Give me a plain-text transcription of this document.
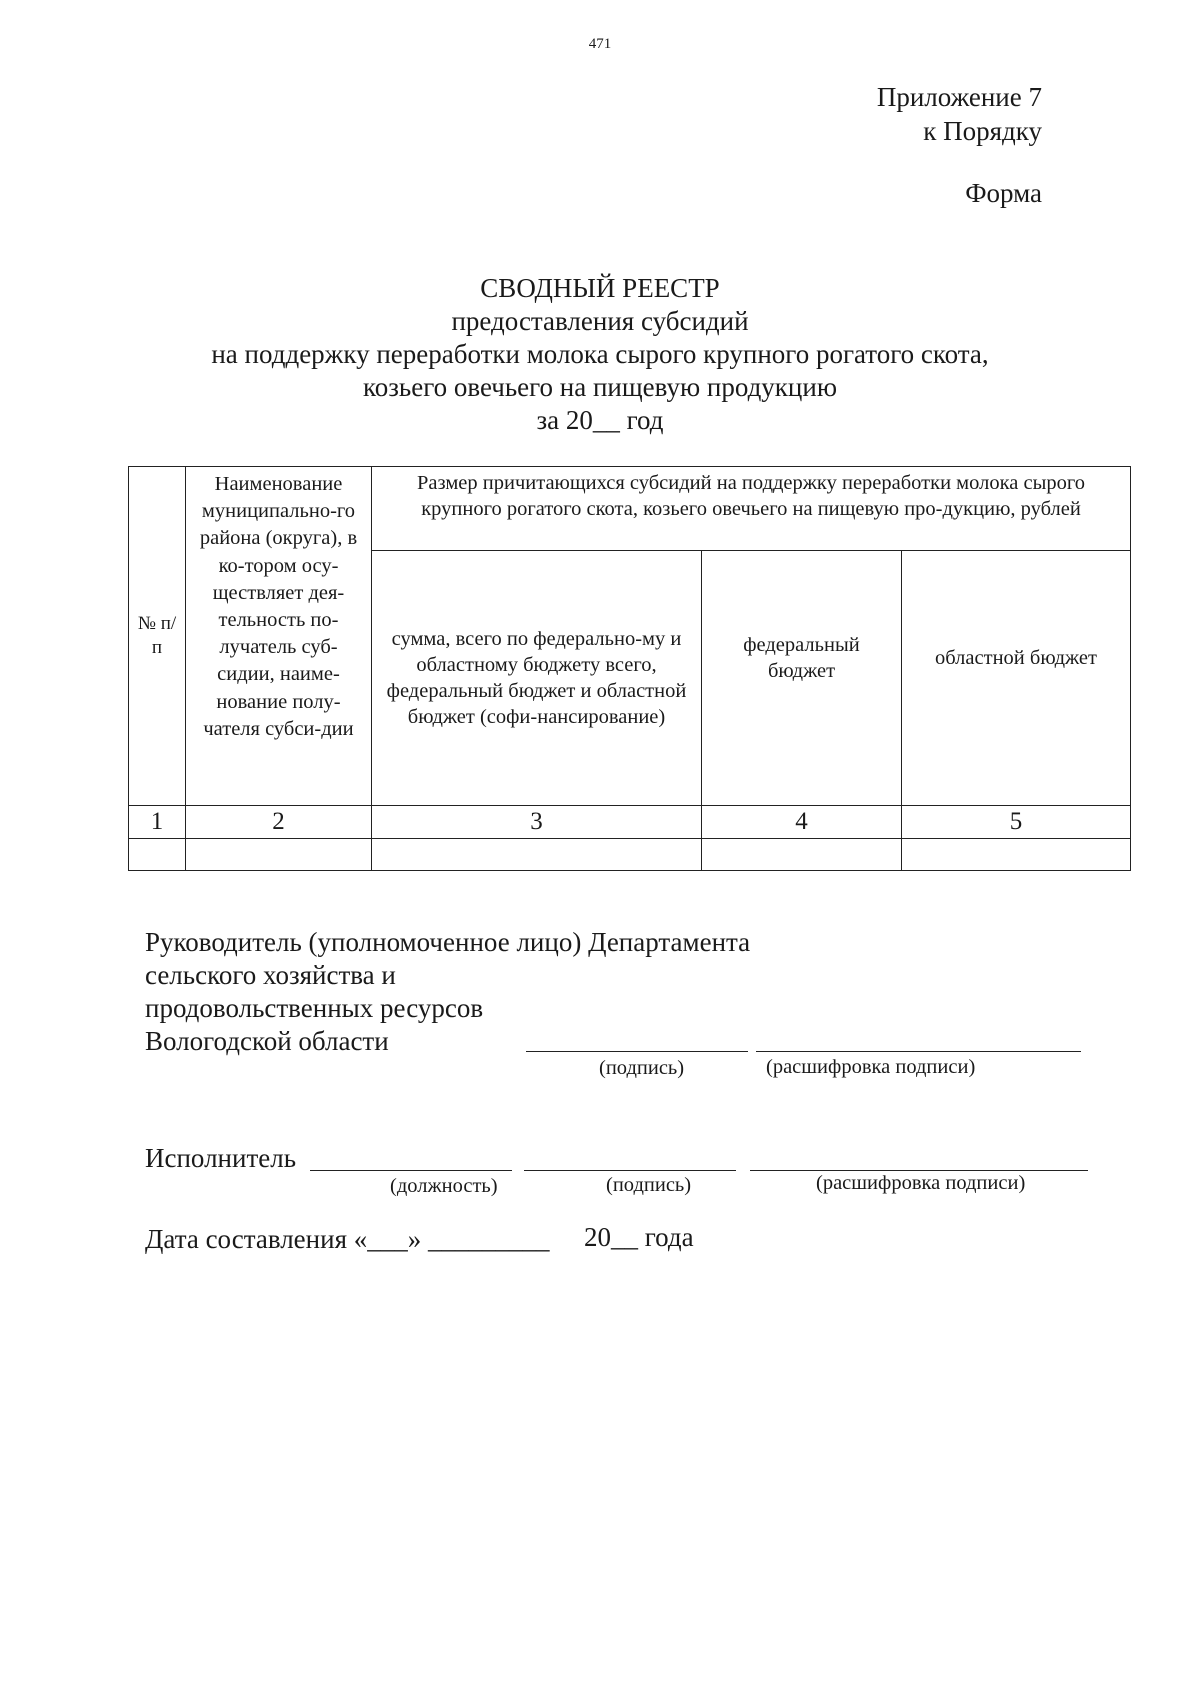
471
Приложение 7
к Порядку
Форма
СВОДНЫЙ РЕЕСТР
предоставления субсидий
на поддержку переработки молока сырого крупного рогатого скота,
козьего овечьего на пищевую продукцию
за 20__ год
№ п/п	Наименование муниципально-го района (округа), в ко-тором осу-ществляет дея-тельность по-лучатель суб-сидии, наиме-нование полу-чателя субси-дии	Размер причитающихся субсидий на поддержку переработки молока сырого крупного рогатого скота, козьего овечьего на пищевую про-дукцию, рублей		
		сумма, всего по федерально-му и областному бюджету всего, федеральный бюджет и областной бюджет (софи-нансирование)	федеральный бюджет	областной бюджет
1	2	3	4	5

Руководитель (уполномоченное лицо) Департамента
сельского хозяйства и
продовольственных ресурсов
Вологодской области
(подпись)	(расшифровка подписи)
Исполнитель
(должность)	(подпись)	(расшифровка подписи)
Дата составления «___» _________ 20__ года
